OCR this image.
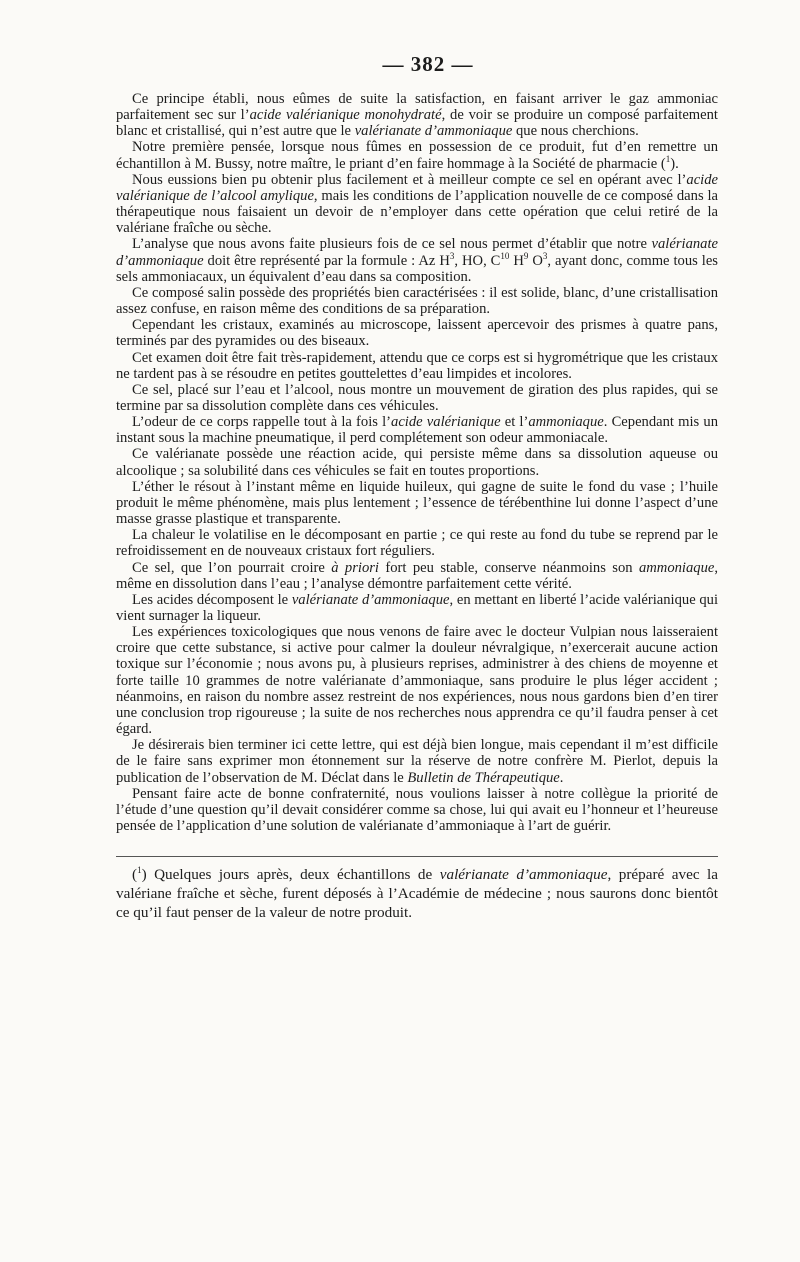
— 382 —

Ce principe établi, nous eûmes de suite la satisfaction, en faisant arriver le gaz ammoniac parfaitement sec sur l’acide valérianique monohydraté, de voir se produire un composé parfaitement blanc et cristallisé, qui n’est autre que le valérianate d’ammoniaque que nous cherchions.

Notre première pensée, lorsque nous fûmes en possession de ce produit, fut d’en remettre un échantillon à M. Bussy, notre maître, le priant d’en faire hommage à la Société de pharmacie ($^1$).

Nous eussions bien pu obtenir plus facilement et à meilleur compte ce sel en opérant avec l’acide valérianique de l’alcool amylique, mais les conditions de l’application nouvelle de ce composé dans la thérapeutique nous faisaient un devoir de n’employer dans cette opération que celui retiré de la valériane fraîche ou sèche.

L’analyse que nous avons faite plusieurs fois de ce sel nous permet d’établir que notre valérianate d’ammoniaque doit être représenté par la formule : Az $H^3$, HO, $C^{10}$ $H^9$ $O^3$, ayant donc, comme tous les sels ammoniacaux, un équivalent d’eau dans sa composition.

Ce composé salin possède des propriétés bien caractérisées : il est solide, blanc, d’une cristallisation assez confuse, en raison même des conditions de sa préparation.

Cependant les cristaux, examinés au microscope, laissent apercevoir des prismes à quatre pans, terminés par des pyramides ou des biseaux.

Cet examen doit être fait très-rapidement, attendu que ce corps est si hygrométrique que les cristaux ne tardent pas à se résoudre en petites gouttelettes d’eau limpides et incolores.

Ce sel, placé sur l’eau et l’alcool, nous montre un mouvement de giration des plus rapides, qui se termine par sa dissolution complète dans ces véhicules.

L’odeur de ce corps rappelle tout à la fois l’acide valérianique et l’ammoniaque. Cependant mis un instant sous la machine pneumatique, il perd complétement son odeur ammoniacale.

Ce valérianate possède une réaction acide, qui persiste même dans sa dissolution aqueuse ou alcoolique ; sa solubilité dans ces véhicules se fait en toutes proportions.

L’éther le résout à l’instant même en liquide huileux, qui gagne de suite le fond du vase ; l’huile produit le même phénomène, mais plus lentement ; l’essence de térébenthine lui donne l’aspect d’une masse grasse plastique et transparente.

La chaleur le volatilise en le décomposant en partie ; ce qui reste au fond du tube se reprend par le refroidissement en de nouveaux cristaux fort réguliers.

Ce sel, que l’on pourrait croire à priori fort peu stable, conserve néanmoins son ammoniaque, même en dissolution dans l’eau ; l’analyse démontre parfaitement cette vérité.

Les acides décomposent le valérianate d’ammoniaque, en mettant en liberté l’acide valérianique qui vient surnager la liqueur.

Les expériences toxicologiques que nous venons de faire avec le docteur Vulpian nous laisseraient croire que cette substance, si active pour calmer la douleur névralgique, n’exercerait aucune action toxique sur l’économie ; nous avons pu, à plusieurs reprises, administrer à des chiens de moyenne et forte taille 10 grammes de notre valérianate d’ammoniaque, sans produire le plus léger accident ; néanmoins, en raison du nombre assez restreint de nos expériences, nous nous gardons bien d’en tirer une conclusion trop rigoureuse ; la suite de nos recherches nous apprendra ce qu’il faudra penser à cet égard.

Je désirerais bien terminer ici cette lettre, qui est déjà bien longue, mais cependant il m’est difficile de le faire sans exprimer mon étonnement sur la réserve de notre confrère M. Pierlot, depuis la publication de l’observation de M. Déclat dans le Bulletin de Thérapeutique.

Pensant faire acte de bonne confraternité, nous voulions laisser à notre collègue la priorité de l’étude d’une question qu’il devait considérer comme sa chose, lui qui avait eu l’honneur et l’heureuse pensée de l’application d’une solution de valérianate d’ammoniaque à l’art de guérir.

($^1$) Quelques jours après, deux échantillons de valérianate d’ammoniaque, préparé avec la valériane fraîche et sèche, furent déposés à l’Académie de médecine ; nous saurons donc bientôt ce qu’il faut penser de la valeur de notre produit.
